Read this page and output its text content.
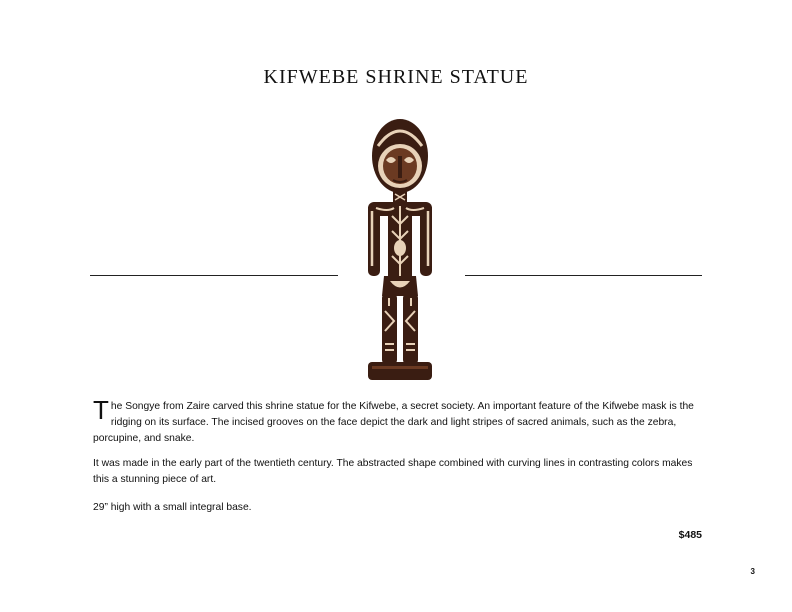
KIFWEBE SHRINE STATUE
The Songye from Zaire carved this shrine statue for the Kifwebe, a secret society. An important feature of the Kifwebe mask is the ridging on its surface. The incised grooves on the face depict the dark and light stripes of sacred animals, such as the zebra, porcupine, and snake.
It was made in the early part of the twentieth century. The abstracted shape combined with curving lines in contrasting colors makes this a stunning piece of art.
29” high with a small integral base.
$485
3
